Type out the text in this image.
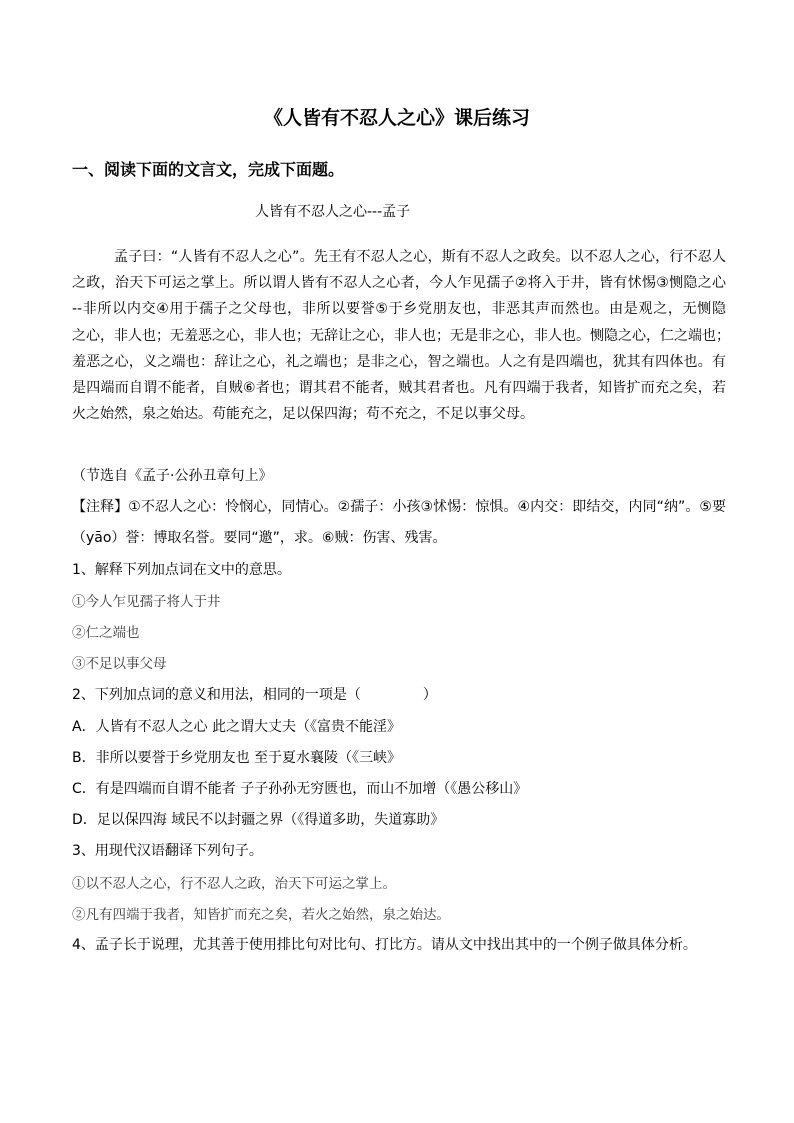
《人皆有不忍人之心》课后练习
一、阅读下面的文言文，完成下面题。
人皆有不忍人之心---孟子
孟子曰：“人皆有不忍人之心”。先王有不忍人之心，斯有不忍人之政矣。以不忍人之心，行不忍人
之政，治天下可运之掌上。所以谓人皆有不忍人之心者，今人乍见孺子②将入于井，皆有怵惕③恻隐之心
--非所以内交④用于孺子之父母也，非所以要誉⑤于乡党朋友也，非恶其声而然也。由是观之，无恻隐
之心，非人也；无羞恶之心，非人也；无辞让之心，非人也；无是非之心，非人也。恻隐之心，仁之端也；
羞恶之心，义之端也：辞让之心，礼之端也；是非之心，智之端也。人之有是四端也，犹其有四体也。有
是四端而自谓不能者，自贼⑥者也；谓其君不能者，贼其君者也。凡有四端于我者，知皆扩而充之矣，若
火之始然，泉之始达。苟能充之，足以保四海；苟不充之，不足以事父母。
（节选自《孟子·公孙丑章句上》
【注释】①不忍人之心：怜悯心，同情心。②孺子：小孩③怵惕：惊惧。④内交：即结交，内同“纳”。⑤要
（yāo）誉：博取名誉。要同“邀”，求。⑥贼：伤害、残害。
1、解释下列加点词在文中的意思。
①今人乍见孺子将人于井
②仁之端也
③不足以事父母
2、下列加点词的意义和用法，相同的一项是（	）
A．人皆有不忍人之心 此之谓大丈夫（《富贵不能淫》
B．非所以要誉于乡党朋友也 至于夏水襄陵（《三峡》
C．有是四端而自谓不能者 子子孙孙无穷匮也，而山不加增（《愚公移山》
D．足以保四海 域民不以封疆之界（《得道多助，失道寡助》
3、用现代汉语翻译下列句子。
①以不忍人之心，行不忍人之政，治天下可运之掌上。
②凡有四端于我者，知皆扩而充之矣，若火之始然，泉之始达。
4、孟子长于说理，尤其善于使用排比句对比句、打比方。请从文中找出其中的一个例子做具体分析。
